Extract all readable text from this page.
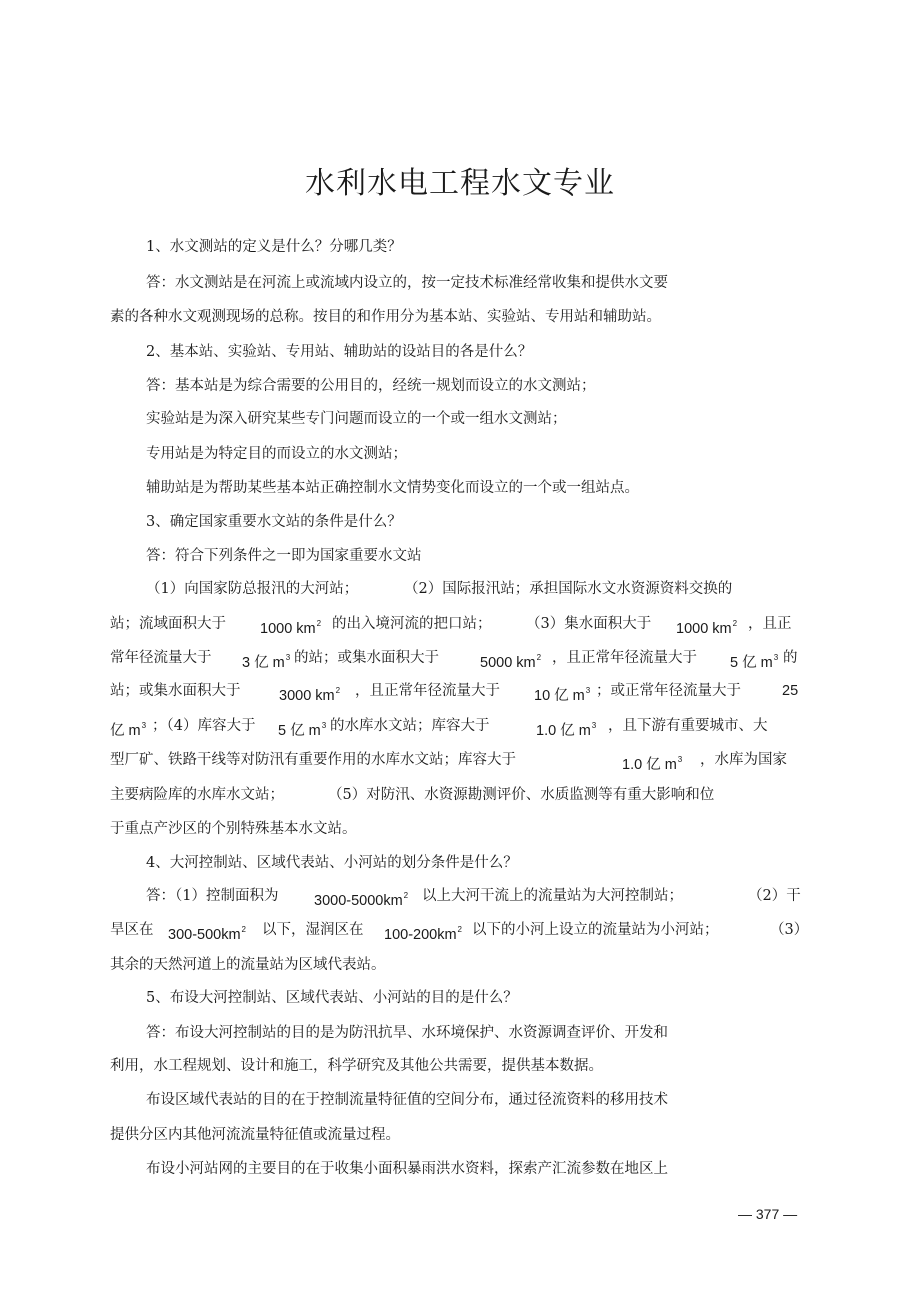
水利水电工程水文专业
1、水文测站的定义是什么？分哪几类？
答：水文测站是在河流上或流域内设立的，按一定技术标准经常收集和提供水文要
素的各种水文观测现场的总称。按目的和作用分为基本站、实验站、专用站和辅助站。
2、基本站、实验站、专用站、辅助站的设站目的各是什么？
答：基本站是为综合需要的公用目的，经统一规划而设立的水文测站；
实验站是为深入研究某些专门问题而设立的一个或一组水文测站；
专用站是为特定目的而设立的水文测站；
辅助站是为帮助某些基本站正确控制水文情势变化而设立的一个或一组站点。
3、确定国家重要水文站的条件是什么？
答：符合下列条件之一即为国家重要水文站
（1）向国家防总报汛的大河站；	（2）国际报汛站；承担国际水文水资源资料交换的
站；流域面积大于 1000 $km^2$ 的出入境河流的把口站； （3）集水面积大于 1000 $km^2$ ，且正
常年径流量大于 3 亿 $m^3$ 的站；或集水面积大于	5000 $km^2$ ，且正常年径流量大于 5 亿 $m^3$ 的
站；或集水面积大于	3000 $km^2$ ，且正常年径流量大于 10 亿 $m^3$ ；或正常年径流量大于	25
亿 $m^3$ ；（4）库容大于 5 亿 $m^3$ 的水库水文站；库容大于	1.0 亿 $m^3$ ，且下游有重要城市、大
型厂矿、铁路干线等对防汛有重要作用的水库水文站；库容大于	1.0 亿 $m^3$ ，水库为国家
主要病险库的水库水文站；	（5）对防汛、水资源勘测评价、水质监测等有重大影响和位
于重点产沙区的个别特殊基本水文站。
4、大河控制站、区域代表站、小河站的划分条件是什么？
答：（1）控制面积为 $3000-5000km^2$ 以上大河干流上的流量站为大河控制站；	（2）干
旱区在 $300-500km^2$ 以下，湿润区在 $100-200km^2$ 以下的小河上设立的流量站为小河站；	（3）
其余的天然河道上的流量站为区域代表站。
5、布设大河控制站、区域代表站、小河站的目的是什么？
答：布设大河控制站的目的是为防汛抗旱、水环境保护、水资源调查评价、开发和
利用，水工程规划、设计和施工，科学研究及其他公共需要，提供基本数据。
布设区域代表站的目的在于控制流量特征值的空间分布，通过径流资料的移用技术
提供分区内其他河流流量特征值或流量过程。
布设小河站网的主要目的在于收集小面积暴雨洪水资料，探索产汇流参数在地区上
— 377 —
